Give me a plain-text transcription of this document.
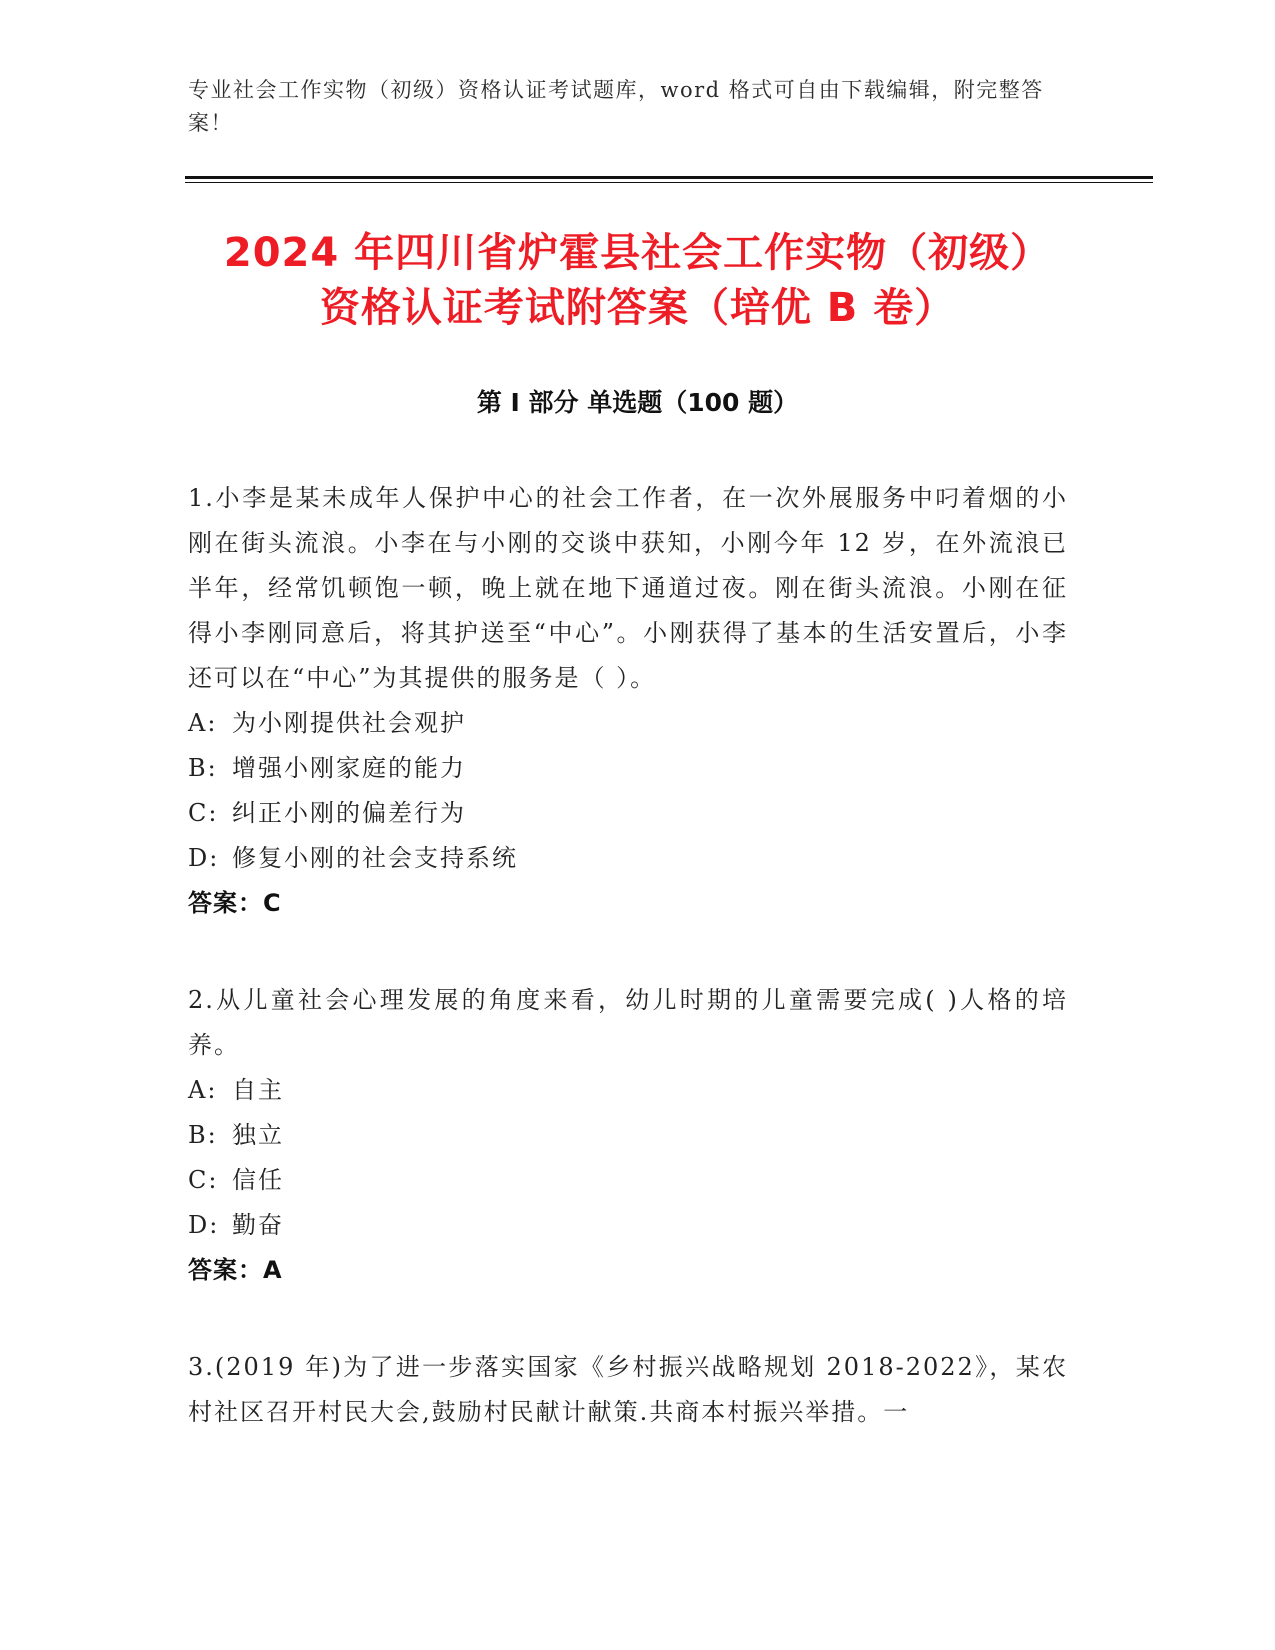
专业社会工作实物（初级）资格认证考试题库，word 格式可自由下载编辑，附完整答案！
2024 年四川省炉霍县社会工作实物（初级）
资格认证考试附答案（培优 B 卷）
第 I 部分 单选题（100 题）

1.小李是某未成年人保护中心的社会工作者，在一次外展服务中叼着烟的小刚在街头流浪。小李在与小刚的交谈中获知，小刚今年 12 岁，在外流浪已半年，经常饥顿饱一顿，晚上就在地下通道过夜。刚在街头流浪。小刚在征得小李刚同意后，将其护送至“中心”。小刚获得了基本的生活安置后，小李还可以在“中心”为其提供的服务是（ ）。

A: 为小刚提供社会观护

B: 增强小刚家庭的能力

C: 纠正小刚的偏差行为

D: 修复小刚的社会支持系统

答案：C

2.从儿童社会心理发展的角度来看，幼儿时期的儿童需要完成( )人格的培养。

A: 自主

B: 独立

C: 信任

D: 勤奋

答案：A

3.(2019 年)为了进一步落实国家《乡村振兴战略规划 2018-2022》，某农村社区召开村民大会,鼓励村民献计献策.共商本村振兴举措。一
